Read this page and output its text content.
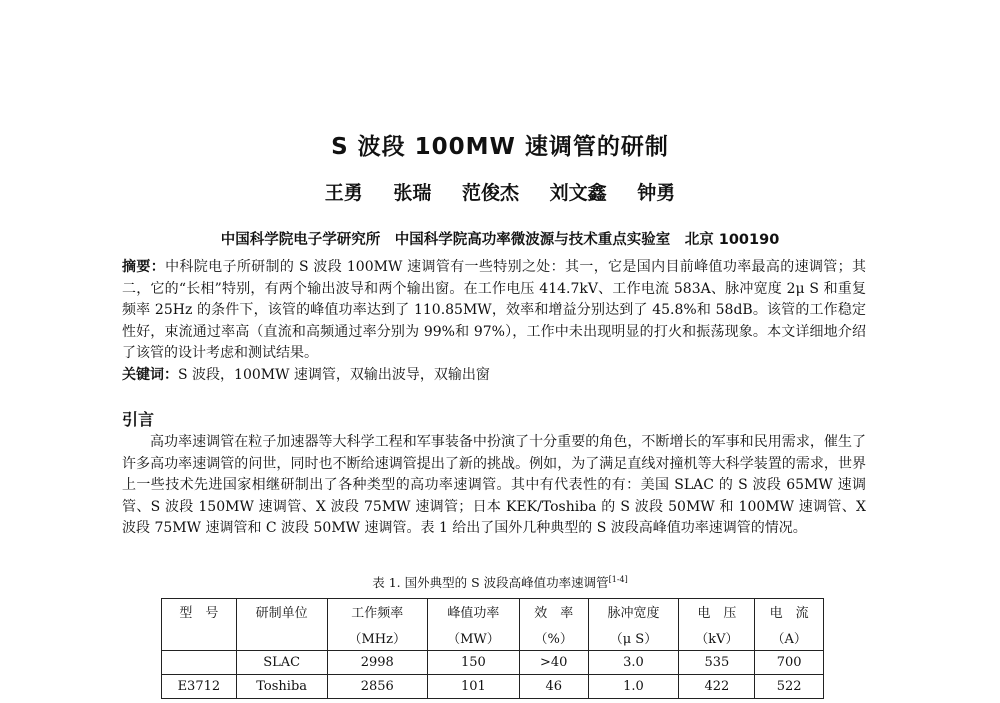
S 波段 100MW 速调管的研制
王勇 张瑞 范俊杰 刘文鑫 钟勇
中国科学院电子学研究所　中国科学院高功率微波源与技术重点实验室　北京 100190
摘要：中科院电子所研制的 S 波段 100MW 速调管有一些特别之处：其一，它是国内目前峰值功率最高的速调管；其二，它的“长相”特别，有两个输出波导和两个输出窗。在工作电压 414.7kV、工作电流 583A、脉冲宽度 2μ S 和重复频率 25Hz 的条件下，该管的峰值功率达到了 110.85MW，效率和增益分别达到了 45.8%和 58dB。该管的工作稳定性好，束流通过率高（直流和高频通过率分别为 99%和 97%），工作中未出现明显的打火和振荡现象。本文详细地介绍了该管的设计考虑和测试结果。
关键词：S 波段，100MW 速调管，双输出波导，双输出窗
引言
高功率速调管在粒子加速器等大科学工程和军事装备中扮演了十分重要的角色，不断增长的军事和民用需求，催生了许多高功率速调管的问世，同时也不断给速调管提出了新的挑战。例如，为了满足直线对撞机等大科学装置的需求，世界上一些技术先进国家相继研制出了各种类型的高功率速调管。其中有代表性的有：美国 SLAC 的 S 波段 65MW 速调管、S 波段 150MW 速调管、X 波段 75MW 速调管；日本 KEK/Toshiba 的 S 波段 50MW 和 100MW 速调管、X 波段 75MW 速调管和 C 波段 50MW 速调管。表 1 给出了国外几种典型的 S 波段高峰值功率速调管的情况。
表 1. 国外典型的 S 波段高峰值功率速调管[1-4]
型　号	研制单位	工作频率	峰值功率	效　率	脉冲宽度	电　压	电　流
		（MHz）	（MW）	（%）	（μ S）	（kV）	（A）
	SLAC	2998	150	>40	3.0	535	700
E3712	Toshiba	2856	101	46	1.0	422	522
